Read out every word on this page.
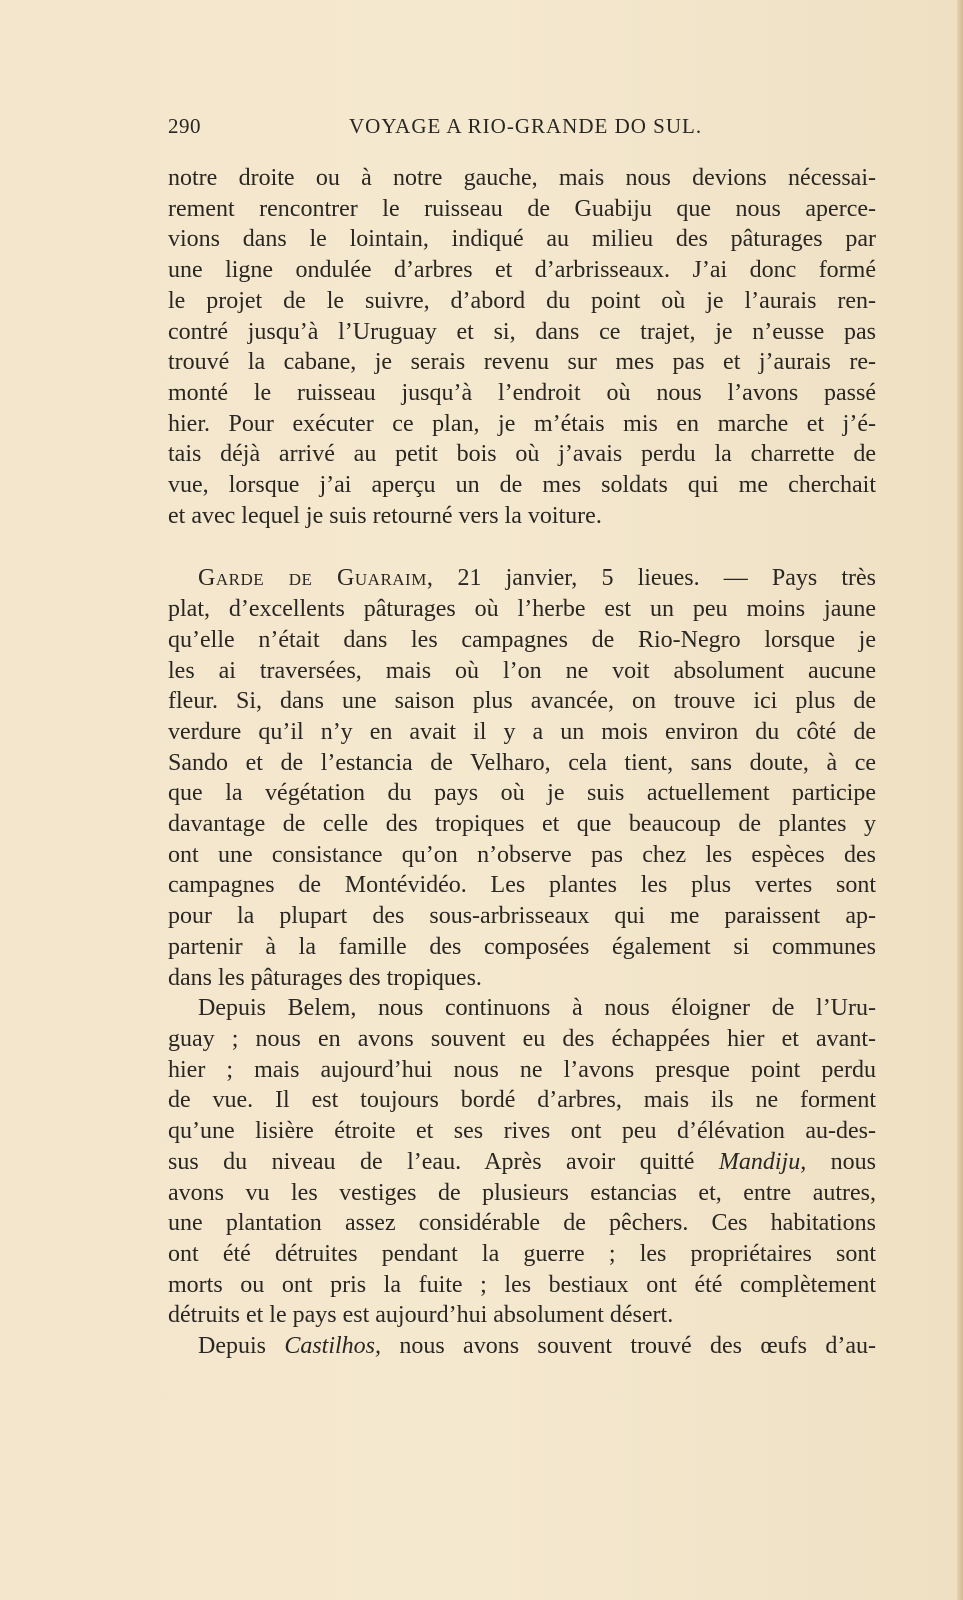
290	VOYAGE A RIO-GRANDE DO SUL.
notre droite ou à notre gauche, mais nous devions nécessai-
rement rencontrer le ruisseau de Guabiju que nous aperce-
vions dans le lointain, indiqué au milieu des pâturages par
une ligne ondulée d’arbres et d’arbrisseaux. J’ai donc formé
le projet de le suivre, d’abord du point où je l’aurais ren-
contré jusqu’à l’Uruguay et si, dans ce trajet, je n’eusse pas
trouvé la cabane, je serais revenu sur mes pas et j’aurais re-
monté le ruisseau jusqu’à l’endroit où nous l’avons passé
hier. Pour exécuter ce plan, je m’étais mis en marche et j’é-
tais déjà arrivé au petit bois où j’avais perdu la charrette de
vue, lorsque j’ai aperçu un de mes soldats qui me cherchait
et avec lequel je suis retourné vers la voiture.
Garde de Guaraim, 21 janvier, 5 lieues. — Pays très
plat, d’excellents pâturages où l’herbe est un peu moins jaune
qu’elle n’était dans les campagnes de Rio-Negro lorsque je
les ai traversées, mais où l’on ne voit absolument aucune
fleur. Si, dans une saison plus avancée, on trouve ici plus de
verdure qu’il n’y en avait il y a un mois environ du côté de
Sando et de l’estancia de Velharo, cela tient, sans doute, à ce
que la végétation du pays où je suis actuellement participe
davantage de celle des tropiques et que beaucoup de plantes y
ont une consistance qu’on n’observe pas chez les espèces des
campagnes de Montévidéo. Les plantes les plus vertes sont
pour la plupart des sous-arbrisseaux qui me paraissent ap-
partenir à la famille des composées également si communes
dans les pâturages des tropiques.
Depuis Belem, nous continuons à nous éloigner de l’Uru-
guay ; nous en avons souvent eu des échappées hier et avant-
hier ; mais aujourd’hui nous ne l’avons presque point perdu
de vue. Il est toujours bordé d’arbres, mais ils ne forment
qu’une lisière étroite et ses rives ont peu d’élévation au-des-
sus du niveau de l’eau. Après avoir quitté Mandiju, nous
avons vu les vestiges de plusieurs estancias et, entre autres,
une plantation assez considérable de pêchers. Ces habitations
ont été détruites pendant la guerre ; les propriétaires sont
morts ou ont pris la fuite ; les bestiaux ont été complètement
détruits et le pays est aujourd’hui absolument désert.
Depuis Castilhos, nous avons souvent trouvé des œufs d’au-
